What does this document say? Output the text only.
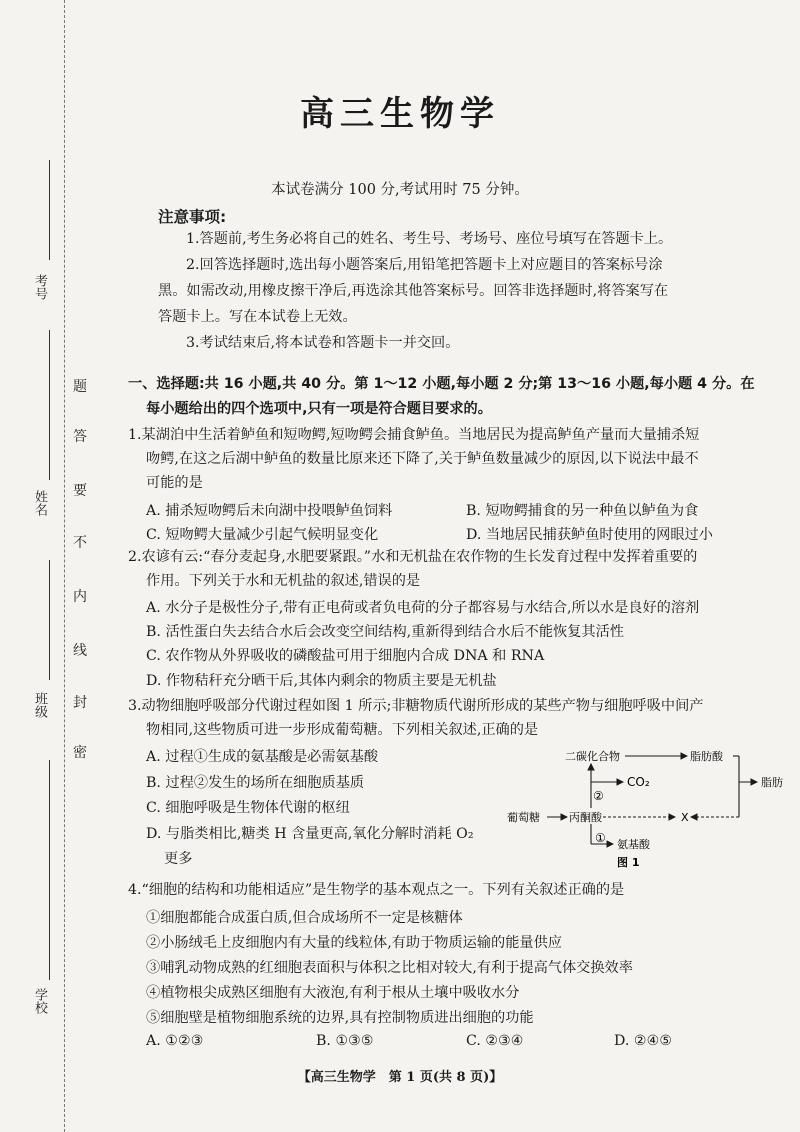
考号
姓名
班级
学校
密
封
线
内
不
要
答
题
高三生物学
本试卷满分 100 分,考试用时 75 分钟。
注意事项:
1.答题前,考生务必将自己的姓名、考生号、考场号、座位号填写在答题卡上。
2.回答选择题时,选出每小题答案后,用铅笔把答题卡上对应题目的答案标号涂
黑。如需改动,用橡皮擦干净后,再选涂其他答案标号。回答非选择题时,将答案写在
答题卡上。写在本试卷上无效。
3.考试结束后,将本试卷和答题卡一并交回。
一、选择题:共 16 小题,共 40 分。第 1～12 小题,每小题 2 分;第 13～16 小题,每小题 4 分。在
每小题给出的四个选项中,只有一项是符合题目要求的。
1.某湖泊中生活着鲈鱼和短吻鳄,短吻鳄会捕食鲈鱼。当地居民为提高鲈鱼产量而大量捕杀短
吻鳄,在这之后湖中鲈鱼的数量比原来还下降了,关于鲈鱼数量减少的原因,以下说法中最不
可能的是
A. 捕杀短吻鳄后未向湖中投喂鲈鱼饲料	B. 短吻鳄捕食的另一种鱼以鲈鱼为食
C. 短吻鳄大量减少引起气候明显变化	D. 当地居民捕获鲈鱼时使用的网眼过小
2.农谚有云:“春分麦起身,水肥要紧跟。”水和无机盐在农作物的生长发育过程中发挥着重要的
作用。下列关于水和无机盐的叙述,错误的是
A. 水分子是极性分子,带有正电荷或者负电荷的分子都容易与水结合,所以水是良好的溶剂
B. 活性蛋白失去结合水后会改变空间结构,重新得到结合水后不能恢复其活性
C. 农作物从外界吸收的磷酸盐可用于细胞内合成 DNA 和 RNA
D. 作物秸秆充分晒干后,其体内剩余的物质主要是无机盐
3.动物细胞呼吸部分代谢过程如图 1 所示;非糖物质代谢所形成的某些产物与细胞呼吸中间产
物相同,这些物质可进一步形成葡萄糖。下列相关叙述,正确的是
A. 过程①生成的氨基酸是必需氨基酸
B. 过程②发生的场所在细胞质基质
C. 细胞呼吸是生物体代谢的枢纽
D. 与脂类相比,糖类 H 含量更高,氧化分解时消耗 O₂
更多
二碳化合物	脂肪酸
CO₂	脂肪
葡萄糖	丙酮酸	X
氨基酸
②
①
图 1
4.“细胞的结构和功能相适应”是生物学的基本观点之一。下列有关叙述正确的是
①细胞都能合成蛋白质,但合成场所不一定是核糖体
②小肠绒毛上皮细胞内有大量的线粒体,有助于物质运输的能量供应
③哺乳动物成熟的红细胞表面积与体积之比相对较大,有利于提高气体交换效率
④植物根尖成熟区细胞有大液泡,有利于根从土壤中吸收水分
⑤细胞壁是植物细胞系统的边界,具有控制物质进出细胞的功能
A. ①②③	B. ①③⑤	C. ②③④	D. ②④⑤
【高三生物学　第 1 页(共 8 页)】
